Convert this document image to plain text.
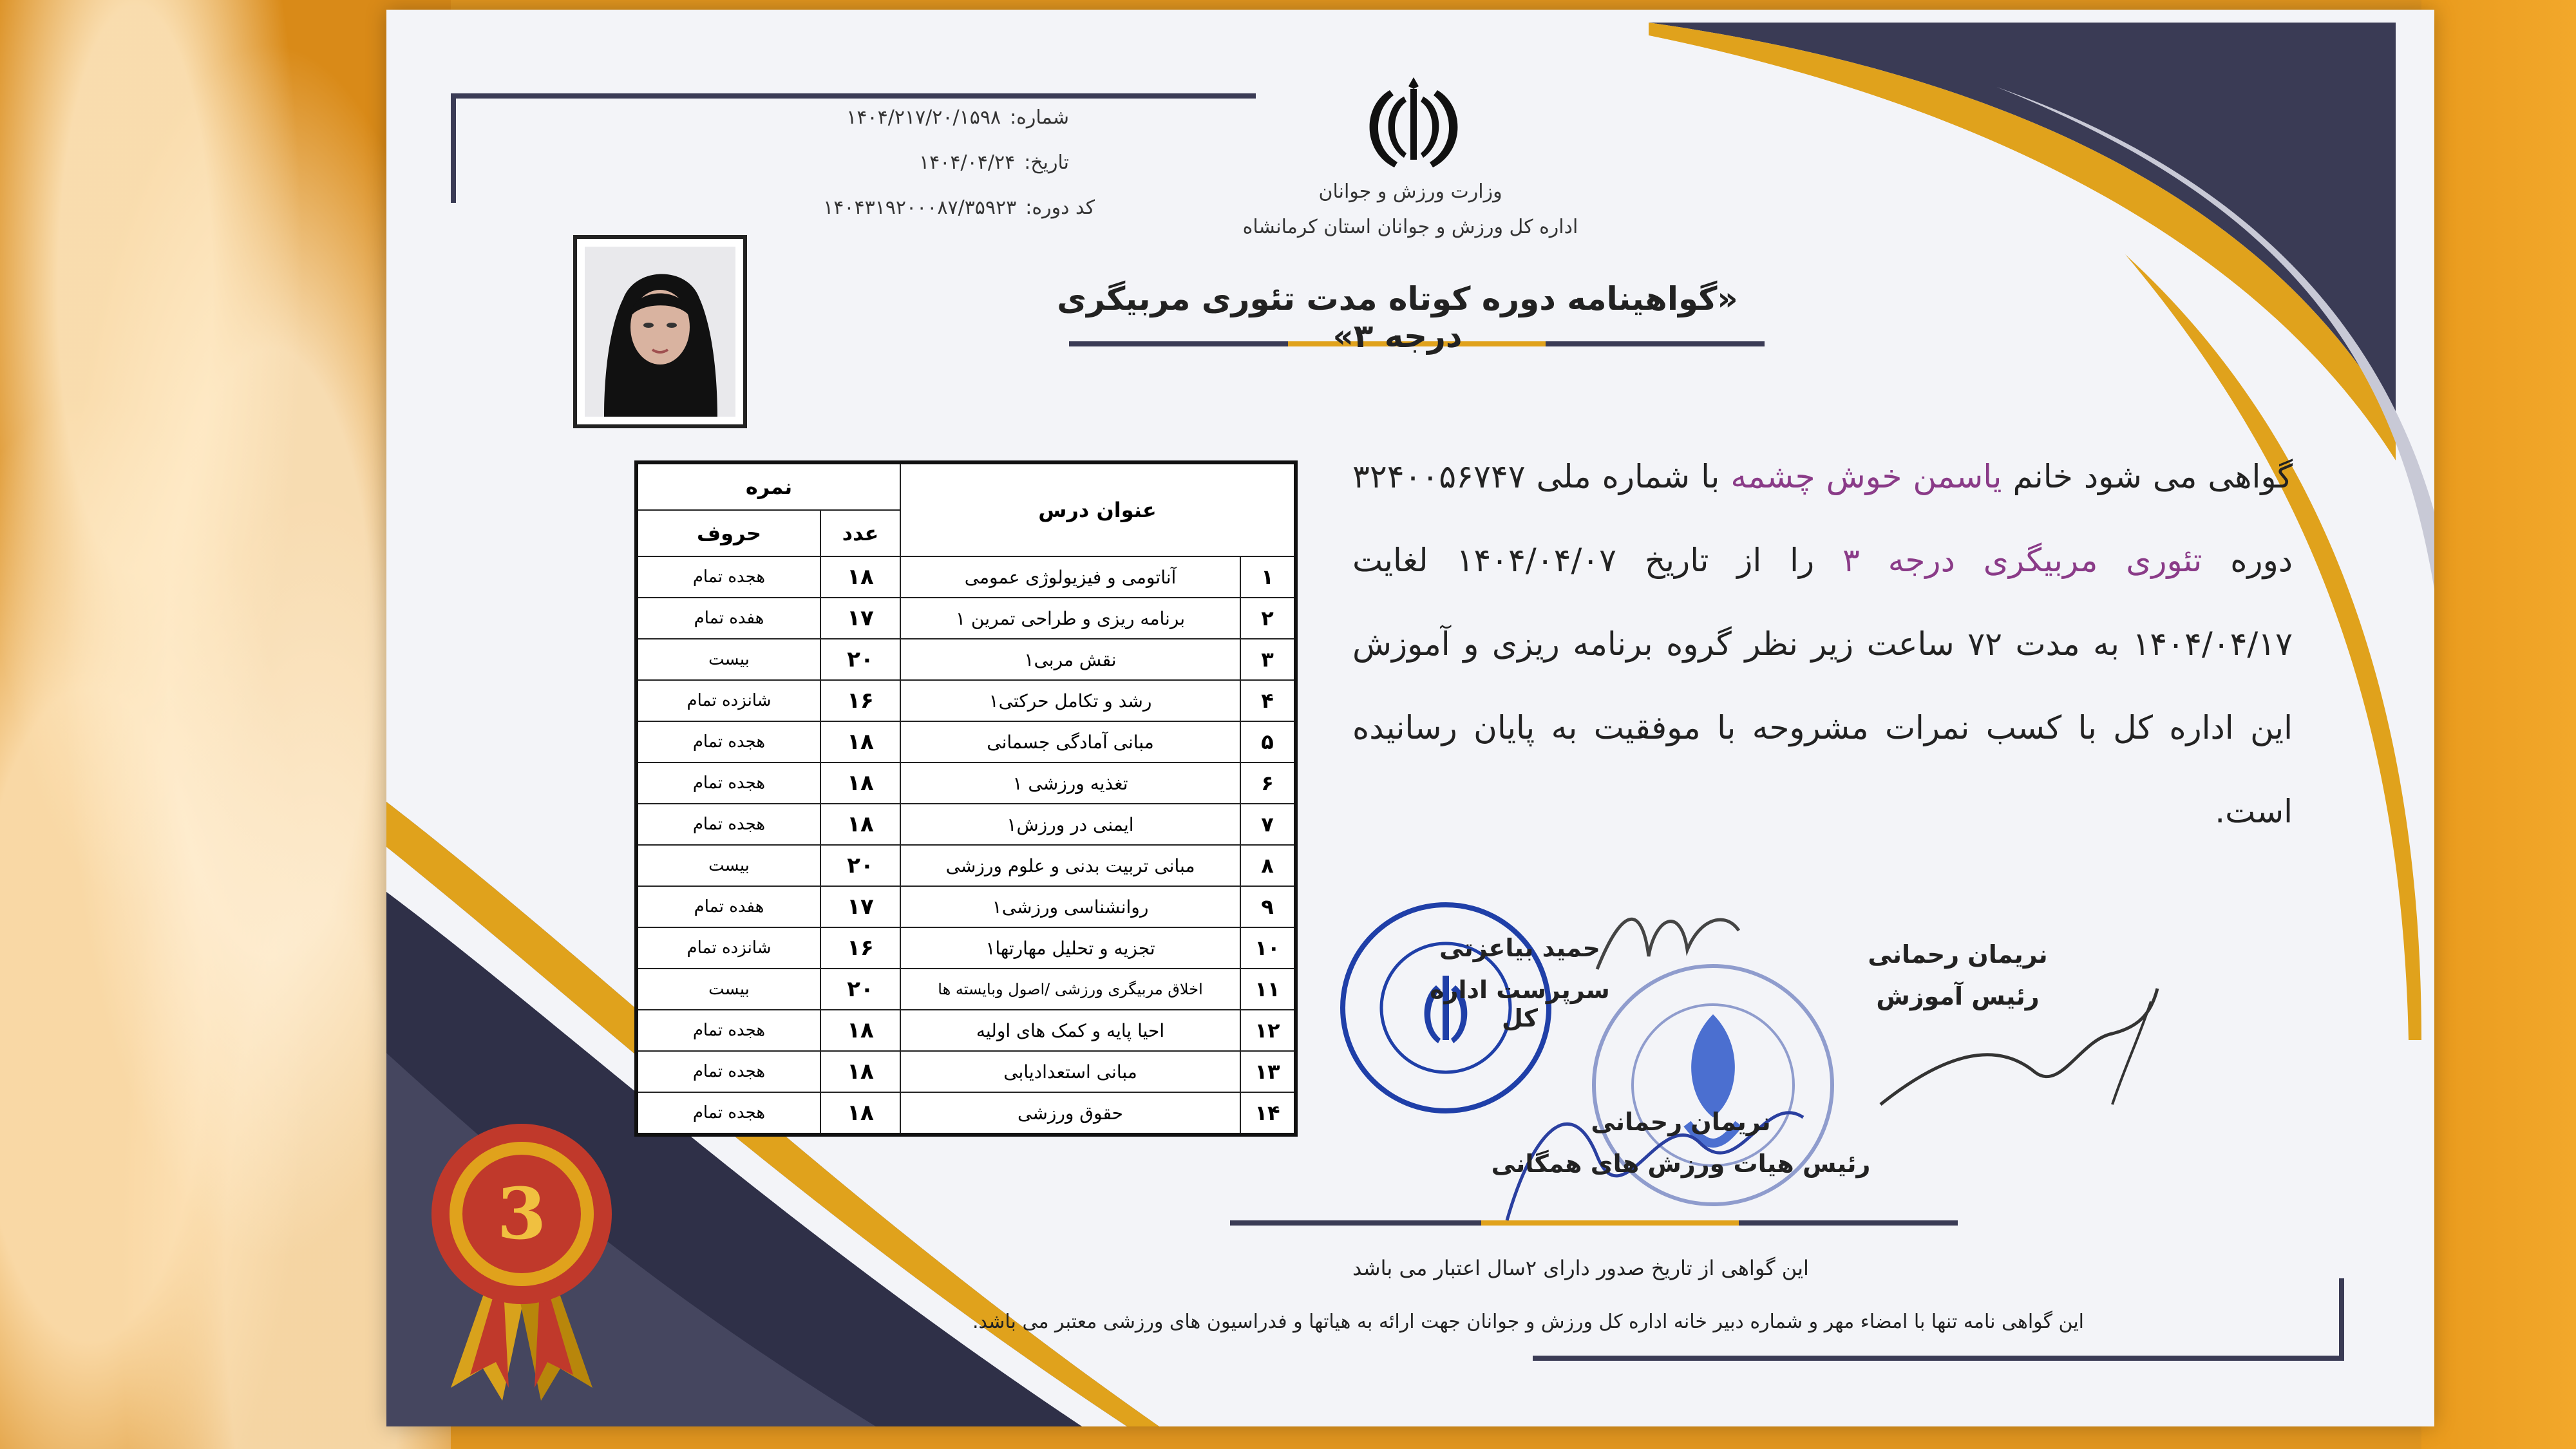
شماره:۱۴۰۴/۲۱۷/۲۰/۱۵۹۸
تاریخ:۱۴۰۴/۰۴/۲۴
کد دوره:۱۴۰۴۳۱۹۲۰۰۰۸۷/۳۵۹۲۳
وزارت ورزش و جوانان
اداره کل ورزش و جوانان استان کرمانشاه
«گواهینامه دوره کوتاه مدت تئوری مربیگری درجه ۳»
عنوان درس		نمره	
		عدد	حروف
۱	آناتومی و فیزیولوژی عمومی	۱۸	هجده تمام
۲	برنامه ریزی و طراحی تمرین ۱	۱۷	هفده تمام
۳	نقش مربی۱	۲۰	بیست
۴	رشد و تکامل حرکتی۱	۱۶	شانزده تمام
۵	مبانی آمادگی جسمانی	۱۸	هجده تمام
۶	تغذیه ورزشی ۱	۱۸	هجده تمام
۷	ایمنی در ورزش۱	۱۸	هجده تمام
۸	مبانی تربیت بدنی و علوم ورزشی	۲۰	بیست
۹	روانشناسی ورزشی۱	۱۷	هفده تمام
۱۰	تجزیه و تحلیل مهارتها۱	۱۶	شانزده تمام
۱۱	اخلاق مربیگری ورزشی /اصول وبایسته ها	۲۰	بیست
۱۲	احیا پایه و کمک های اولیه	۱۸	هجده تمام
۱۳	مبانی استعدادیابی	۱۸	هجده تمام
۱۴	حقوق ورزشی	۱۸	هجده تمام
گواهی می شود خانم یاسمن خوش چشمه با شماره ملی ۳۲۴۰۰۵۶۷۴۷ دوره تئوری مربیگری درجه ۳ را از تاریخ ۱۴۰۴/۰۴/۰۷ لغایت ۱۴۰۴/۰۴/۱۷ به مدت ۷۲ ساعت زیر نظر گروه برنامه ریزی و آموزش این اداره کل با کسب نمرات مشروحه با موفقیت به پایان رسانیده است.
حمید بیاعزتی
سرپرست اداره کل
نریمان رحمانی
رئیس آموزش
نریمان رحمانی
رئیس هیات ورزش های همگانی
این گواهی از تاریخ صدور دارای ۲سال اعتبار می باشد
این گواهی نامه تنها با امضاء مهر و شماره دبیر خانه اداره کل ورزش و جوانان جهت ارائه به هیاتها و فدراسیون های ورزشی معتبر می باشد.
3
